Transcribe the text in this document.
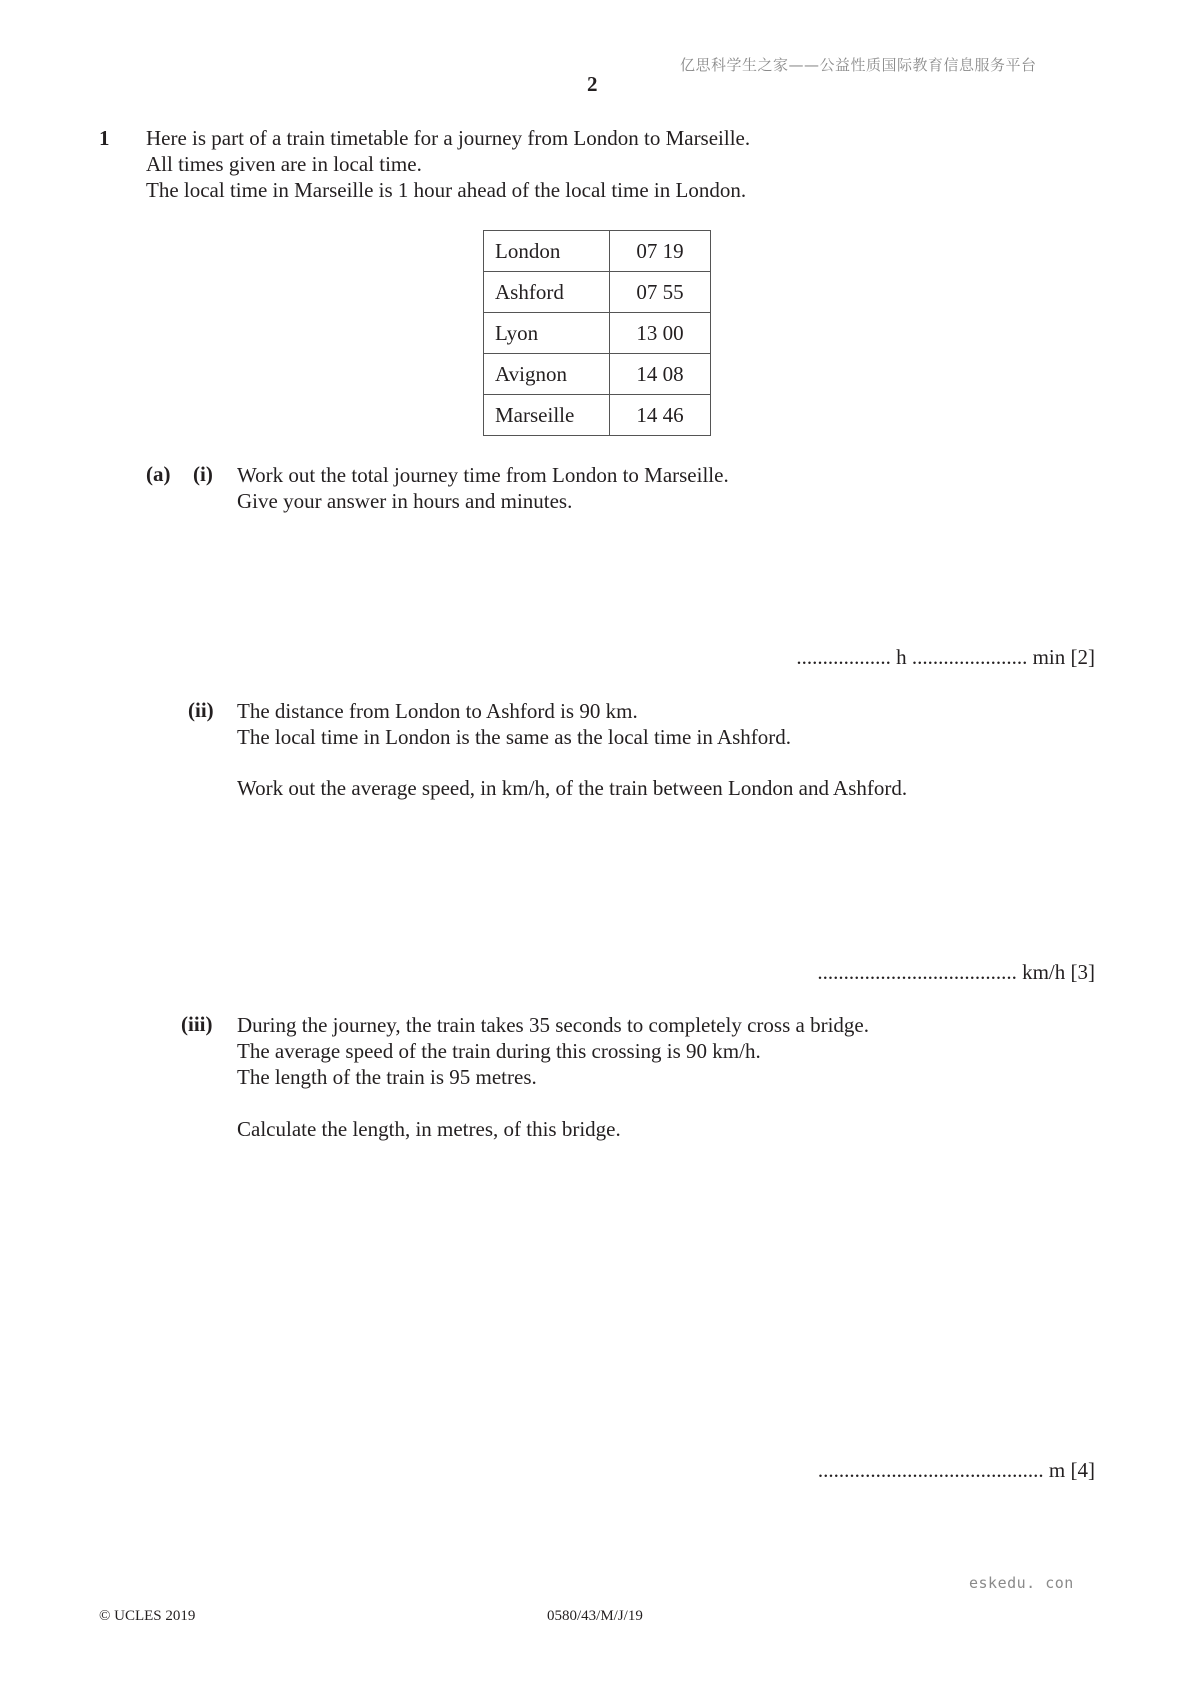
亿思科学生之家——公益性质国际教育信息服务平台
2
1 Here is part of a train timetable for a journey from London to Marseille.
All times given are in local time.
The local time in Marseille is 1 hour ahead of the local time in London.
London	07 19
Ashford	07 55
Lyon	13 00
Avignon	14 08
Marseille	14 46
(a) (i) Work out the total journey time from London to Marseille.
Give your answer in hours and minutes.
.................. h ...................... min [2]
(ii) The distance from London to Ashford is 90 km.
The local time in London is the same as the local time in Ashford.
Work out the average speed, in km/h, of the train between London and Ashford.
...................................... km/h [3]
(iii) During the journey, the train takes 35 seconds to completely cross a bridge.
The average speed of the train during this crossing is 90 km/h.
The length of the train is 95 metres.
Calculate the length, in metres, of this bridge.
........................................... m [4]
eskedu. con
© UCLES 2019	0580/43/M/J/19
